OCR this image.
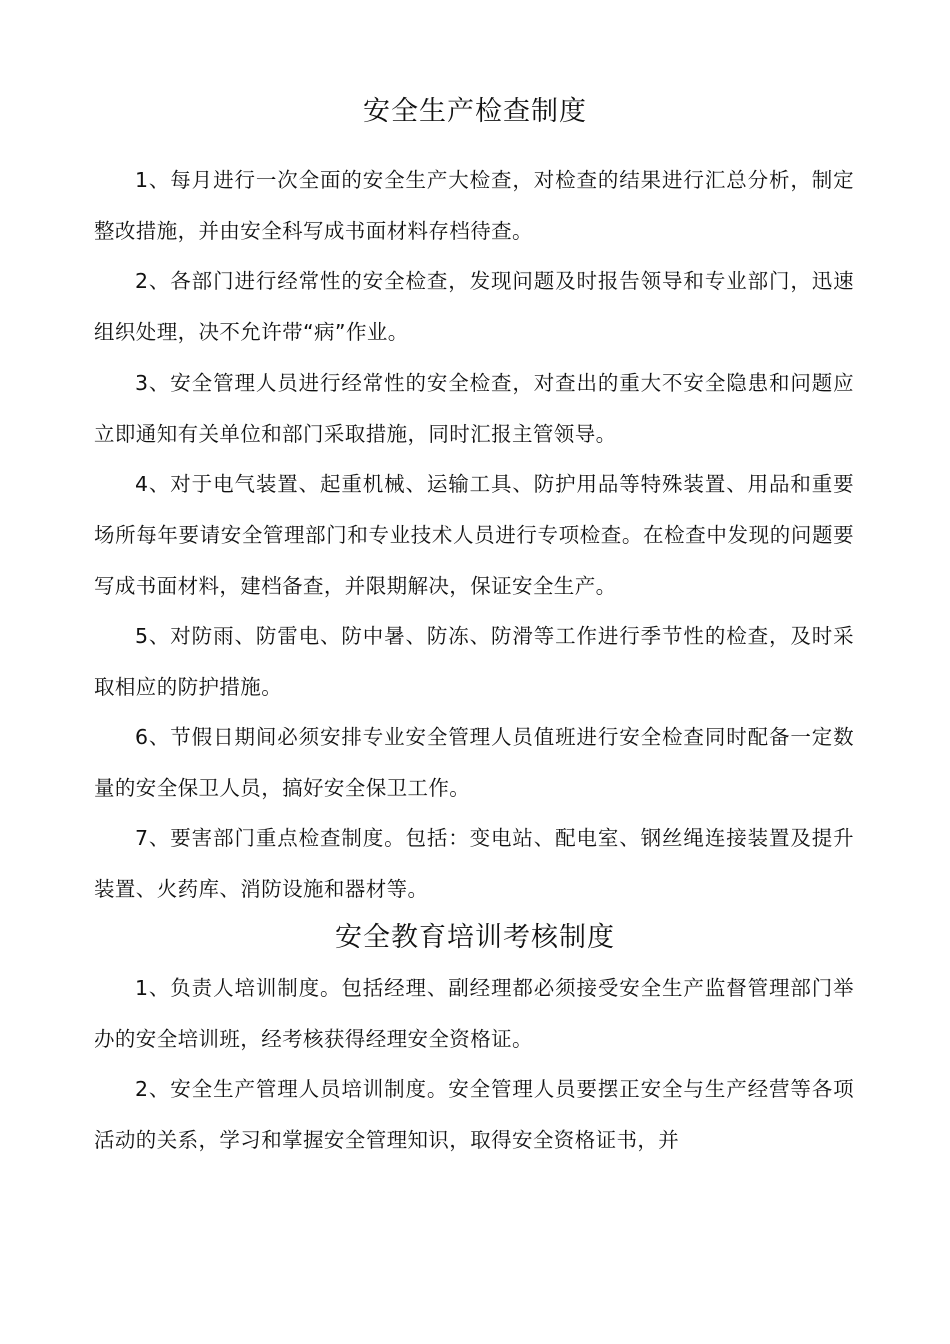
安全生产检查制度

1、每月进行一次全面的安全生产大检查，对检查的结果进行汇总分析，制定整改措施，并由安全科写成书面材料存档待查。

2、各部门进行经常性的安全检查，发现问题及时报告领导和专业部门，迅速组织处理，决不允许带“病”作业。

3、安全管理人员进行经常性的安全检查，对查出的重大不安全隐患和问题应立即通知有关单位和部门采取措施，同时汇报主管领导。

4、对于电气装置、起重机械、运输工具、防护用品等特殊装置、用品和重要场所每年要请安全管理部门和专业技术人员进行专项检查。在检查中发现的问题要写成书面材料，建档备查，并限期解决，保证安全生产。

5、对防雨、防雷电、防中暑、防冻、防滑等工作进行季节性的检查，及时采取相应的防护措施。

6、节假日期间必须安排专业安全管理人员值班进行安全检查同时配备一定数量的安全保卫人员，搞好安全保卫工作。

7、要害部门重点检查制度。包括：变电站、配电室、钢丝绳连接装置及提升装置、火药库、消防设施和器材等。

安全教育培训考核制度

1、负责人培训制度。包括经理、副经理都必须接受安全生产监督管理部门举办的安全培训班，经考核获得经理安全资格证。

2、安全生产管理人员培训制度。安全管理人员要摆正安全与生产经营等各项活动的关系，学习和掌握安全管理知识，取得安全资格证书，并
